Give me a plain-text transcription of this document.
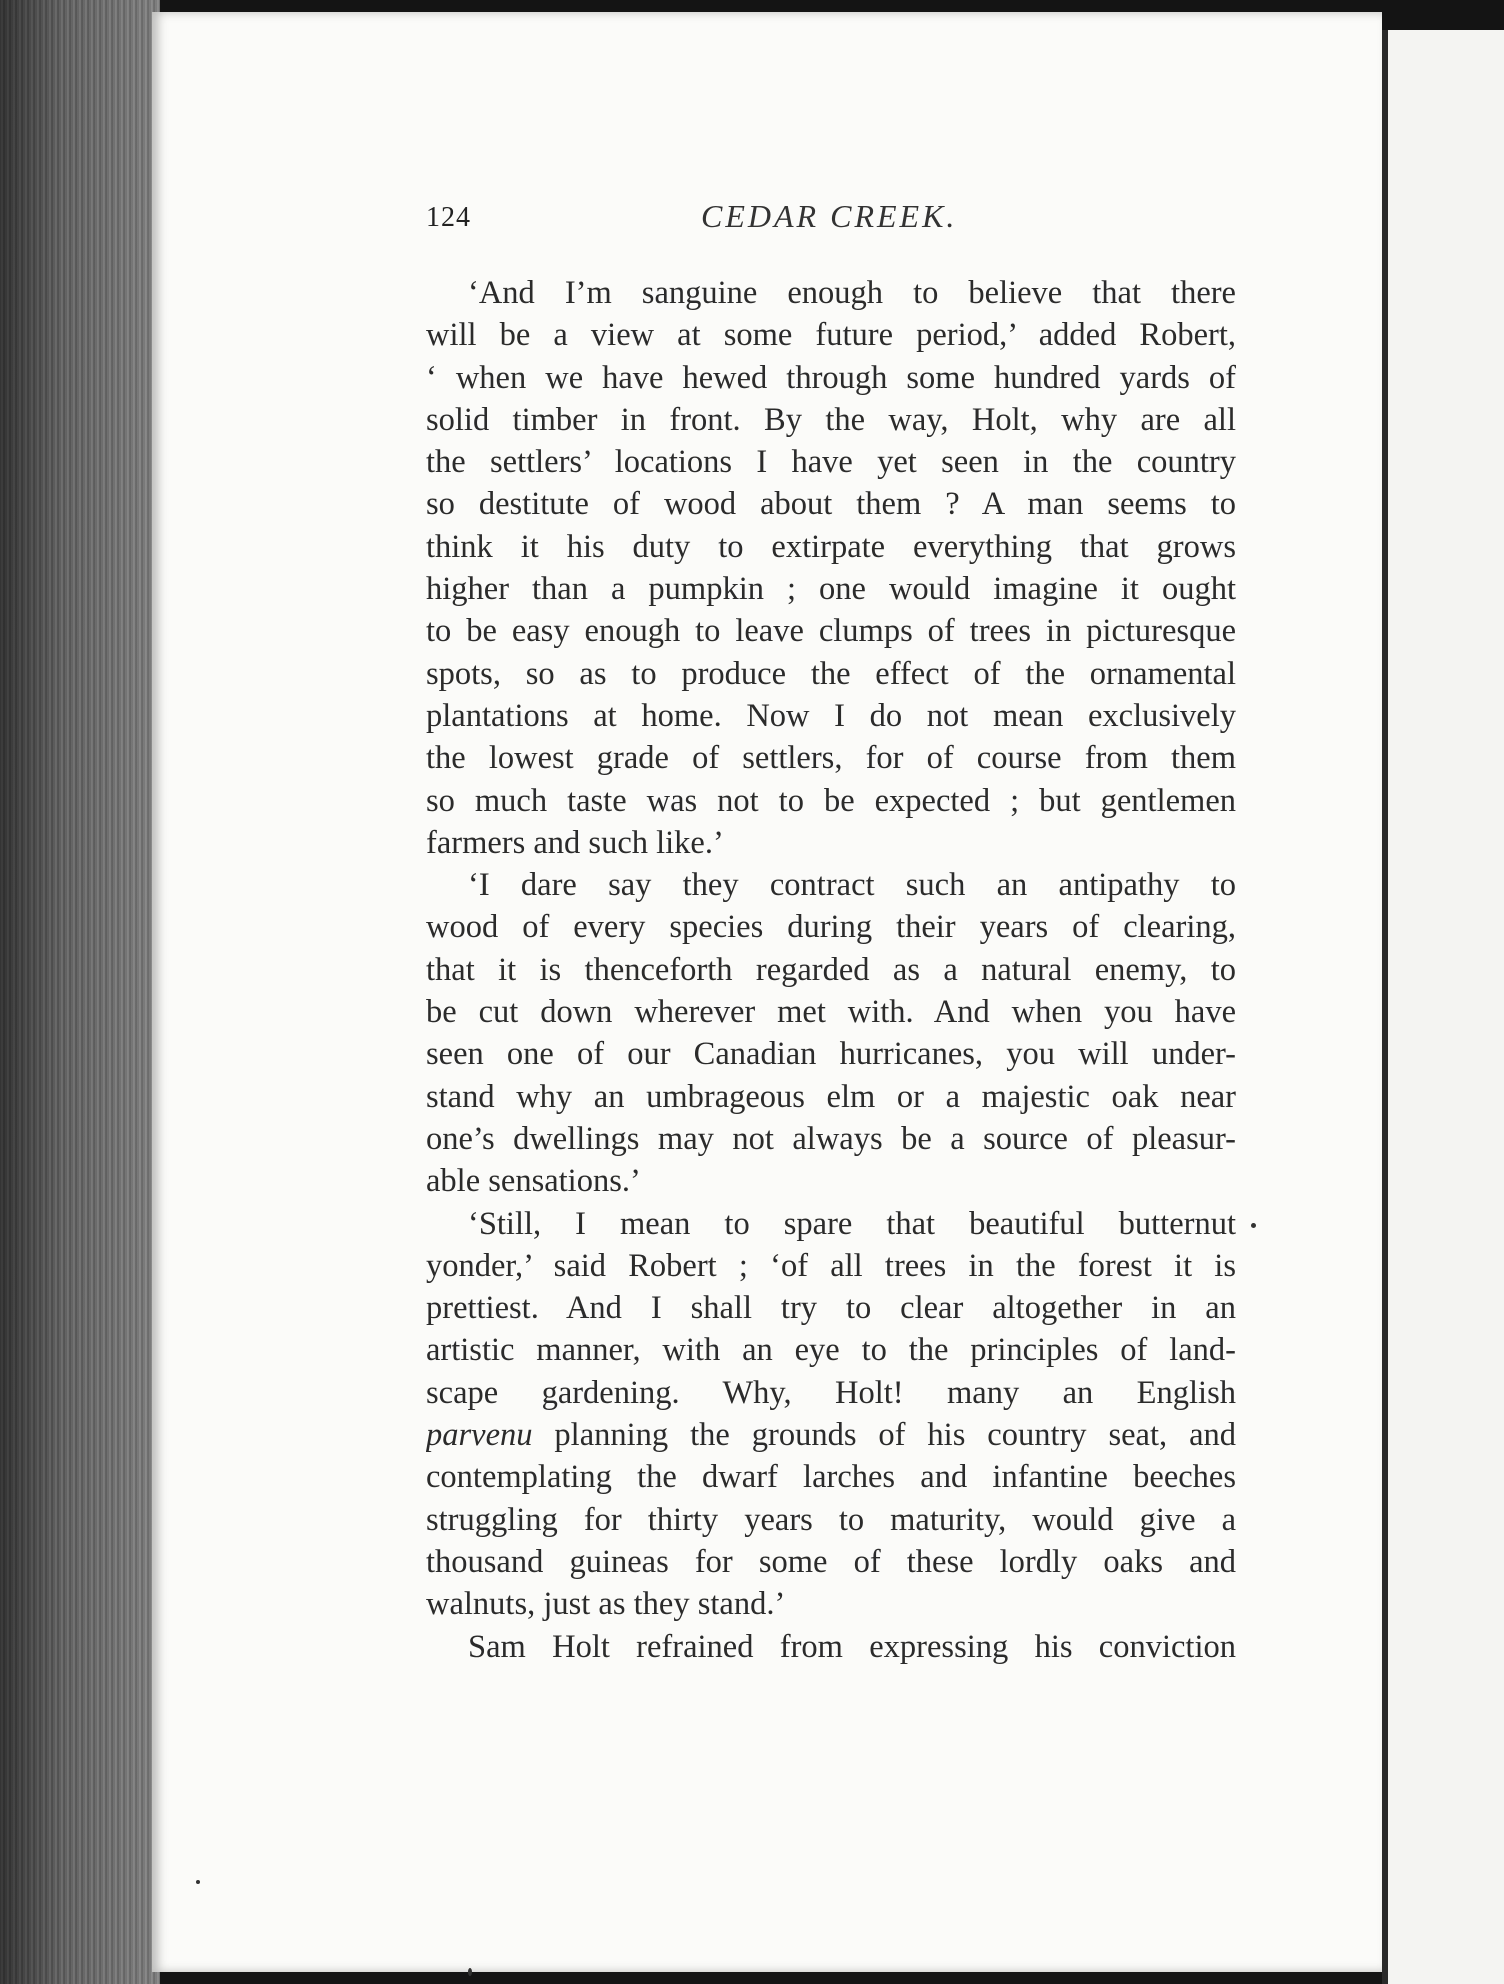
124	CEDAR CREEK.
‘And I’m sanguine enough to believe that there
will be a view at some future period,’ added Robert,
‘ when we have hewed through some hundred yards of
solid timber in front. By the way, Holt, why are all
the settlers’ locations I have yet seen in the country
so destitute of wood about them ? A man seems to
think it his duty to extirpate everything that grows
higher than a pumpkin ; one would imagine it ought
to be easy enough to leave clumps of trees in picturesque
spots, so as to produce the effect of the ornamental
plantations at home. Now I do not mean exclusively
the lowest grade of settlers, for of course from them
so much taste was not to be expected ; but gentlemen
farmers and such like.’
‘I dare say they contract such an antipathy to
wood of every species during their years of clearing,
that it is thenceforth regarded as a natural enemy, to
be cut down wherever met with. And when you have
seen one of our Canadian hurricanes, you will under-
stand why an umbrageous elm or a majestic oak near
one’s dwellings may not always be a source of pleasur-
able sensations.’
‘Still, I mean to spare that beautiful butternut
yonder,’ said Robert ; ‘of all trees in the forest it is
prettiest. And I shall try to clear altogether in an
artistic manner, with an eye to the principles of land-
scape gardening. Why, Holt! many an English
parvenu planning the grounds of his country seat, and
contemplating the dwarf larches and infantine beeches
struggling for thirty years to maturity, would give a
thousand guineas for some of these lordly oaks and
walnuts, just as they stand.’
Sam Holt refrained from expressing his conviction
